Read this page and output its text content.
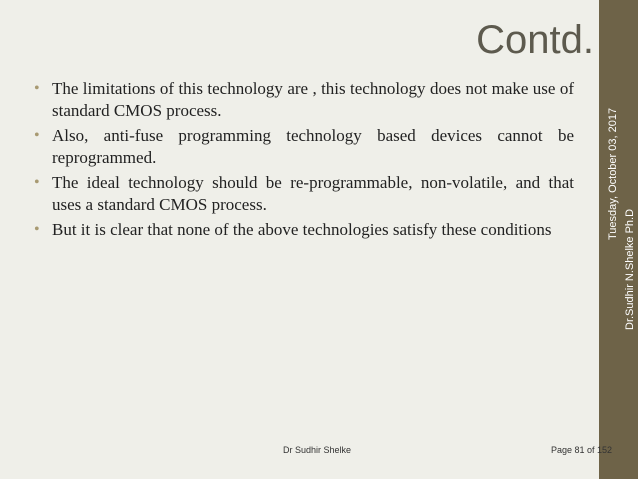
Dr.Sudhir N.Shelke Ph.D
Tuesday, October 03, 2017
Contd.
• The limitations of this technology are , this technology does not make use of standard CMOS process.
• Also, anti-fuse programming technology based devices cannot be reprogrammed.
• The ideal technology should be re-programmable, non-volatile, and that uses a standard CMOS process.
• But it is clear that none of the above technologies satisfy these conditions
Dr Sudhir Shelke	Page 81 of 152
